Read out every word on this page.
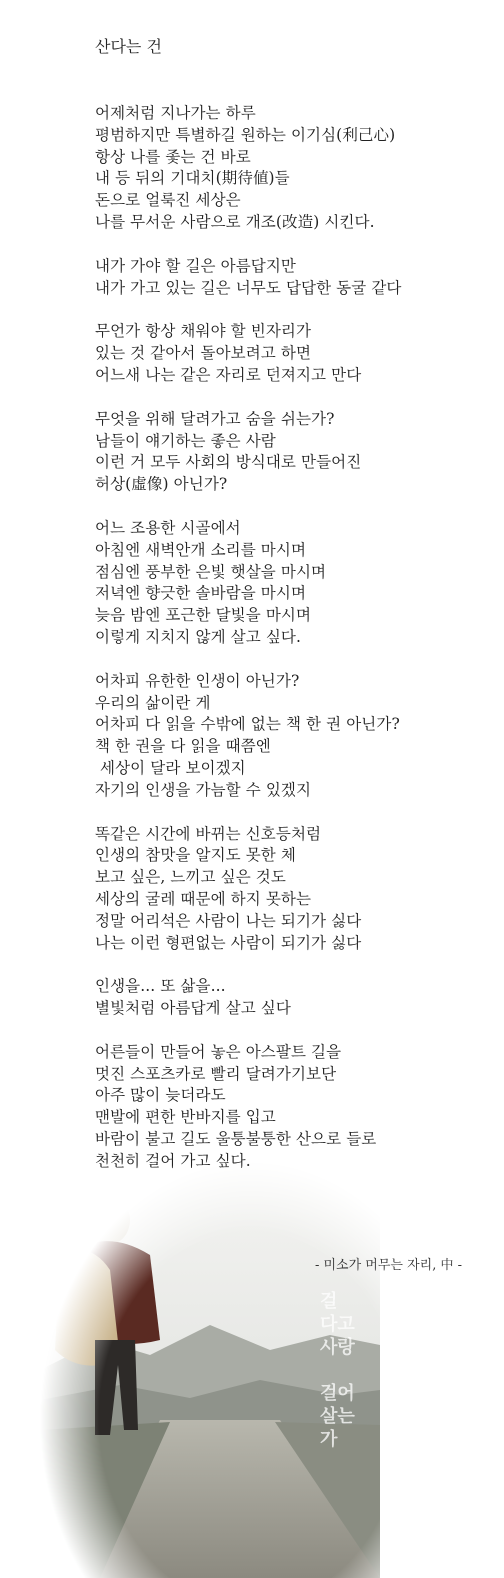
산다는 건
어제처럼 지나가는 하루
평범하지만 특별하길 원하는 이기심(利己心)
항상 나를 좇는 건 바로
내 등 뒤의 기대치(期待値)들
돈으로 얼룩진 세상은
나를 무서운 사람으로 개조(改造) 시킨다.
내가 가야 할 길은 아름답지만
내가 가고 있는 길은 너무도 답답한 동굴 같다
무언가 항상 채워야 할 빈자리가
있는 것 같아서 돌아보려고 하면
어느새 나는 같은 자리로 던져지고 만다
무엇을 위해 달려가고 숨을 쉬는가?
남들이 얘기하는 좋은 사람
이런 거 모두 사회의 방식대로 만들어진
허상(虛像) 아닌가?
어느 조용한 시골에서
아침엔 새벽안개 소리를 마시며
점심엔 풍부한 은빛 햇살을 마시며
저녁엔 향긋한 솔바람을 마시며
늦음 밤엔 포근한 달빛을 마시며
이렇게 지치지 않게 살고 싶다.
어차피 유한한 인생이 아닌가?
우리의 삶이란 게
어차피 다 읽을 수밖에 없는 책 한 권 아닌가?
책 한 권을 다 읽을 때쯤엔
세상이 달라 보이겠지
자기의 인생을 가늠할 수 있겠지
똑같은 시간에 바뀌는 신호등처럼
인생의 참맛을 알지도 못한 체
보고 싶은, 느끼고 싶은 것도
세상의 굴레 때문에 하지 못하는
정말 어리석은 사람이 나는 되기가 싫다
나는 이런 형편없는 사람이 되기가 싫다
인생을... 또 삶을...
별빛처럼 아름답게 살고 싶다
어른들이 만들어 놓은 아스팔트 길을
멋진 스포츠카로 빨리 달려가기보단
아주 많이 늦더라도
맨발에 편한 반바지를 입고
바람이 불고 길도 울퉁불퉁한 산으로 들로
걸
다고
사랑

걸어
살는
가
- 미소가 머무는 자리, 中 -
